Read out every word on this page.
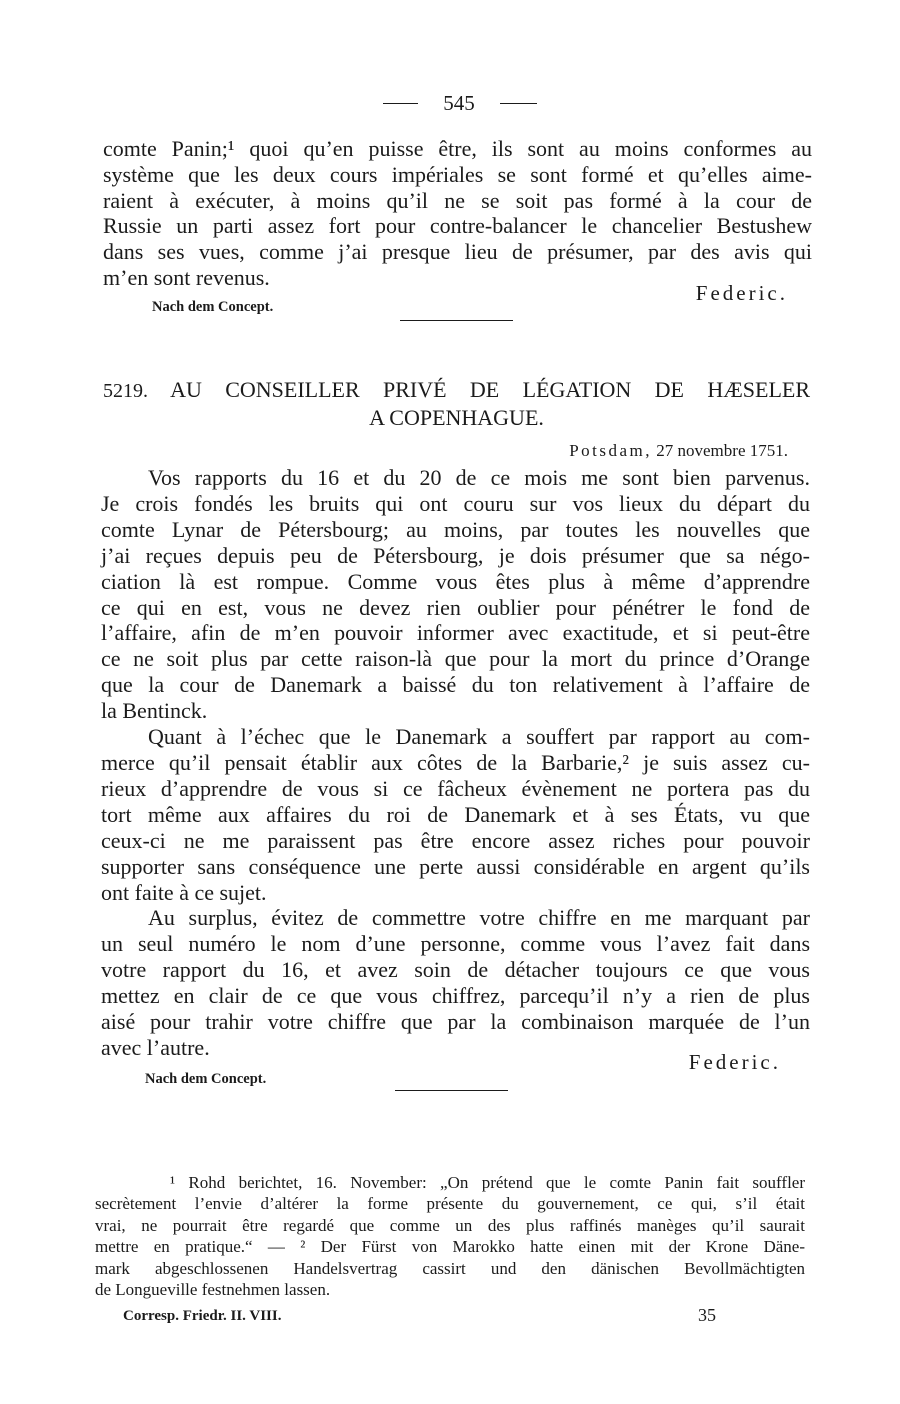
545
comte Panin;¹ quoi qu’en puisse être, ils sont au moins conformes au
système que les deux cours impériales se sont formé et qu’elles aime-
raient à exécuter, à moins qu’il ne se soit pas formé à la cour de
Russie un parti assez fort pour contre-balancer le chancelier Bestushew
dans ses vues, comme j’ai presque lieu de présumer, par des avis qui
m’en sont revenus.
Federic.
Nach dem Concept.
5219. AU CONSEILLER PRIVÉ DE LÉGATION DE HÆSELER
A COPENHAGUE.
Potsdam, 27 novembre 1751.
Vos rapports du 16 et du 20 de ce mois me sont bien parvenus.
Je crois fondés les bruits qui ont couru sur vos lieux du départ du
comte Lynar de Pétersbourg; au moins, par toutes les nouvelles que
j’ai reçues depuis peu de Pétersbourg, je dois présumer que sa négo-
ciation là est rompue. Comme vous êtes plus à même d’apprendre
ce qui en est, vous ne devez rien oublier pour pénétrer le fond de
l’affaire, afin de m’en pouvoir informer avec exactitude, et si peut-être
ce ne soit plus par cette raison-là que pour la mort du prince d’Orange
que la cour de Danemark a baissé du ton relativement à l’affaire de
la Bentinck.
Quant à l’échec que le Danemark a souffert par rapport au com-
merce qu’il pensait établir aux côtes de la Barbarie,² je suis assez cu-
rieux d’apprendre de vous si ce fâcheux évènement ne portera pas du
tort même aux affaires du roi de Danemark et à ses États, vu que
ceux-ci ne me paraissent pas être encore assez riches pour pouvoir
supporter sans conséquence une perte aussi considérable en argent qu’ils
ont faite à ce sujet.
Au surplus, évitez de commettre votre chiffre en me marquant par
un seul numéro le nom d’une personne, comme vous l’avez fait dans
votre rapport du 16, et avez soin de détacher toujours ce que vous
mettez en clair de ce que vous chiffrez, parcequ’il n’y a rien de plus
aisé pour trahir votre chiffre que par la combinaison marquée de l’un
avec l’autre.
Federic.
Nach dem Concept.
¹ Rohd berichtet, 16. November: „On prétend que le comte Panin fait souffler
secrètement l’envie d’altérer la forme présente du gouvernement, ce qui, s’il était
vrai, ne pourrait être regardé que comme un des plus raffinés manèges qu’il saurait
mettre en pratique.“ — ² Der Fürst von Marokko hatte einen mit der Krone Däne-
mark abgeschlossenen Handelsvertrag cassirt und den dänischen Bevollmächtigten
de Longueville festnehmen lassen.
Corresp. Friedr. II. VIII.	35
